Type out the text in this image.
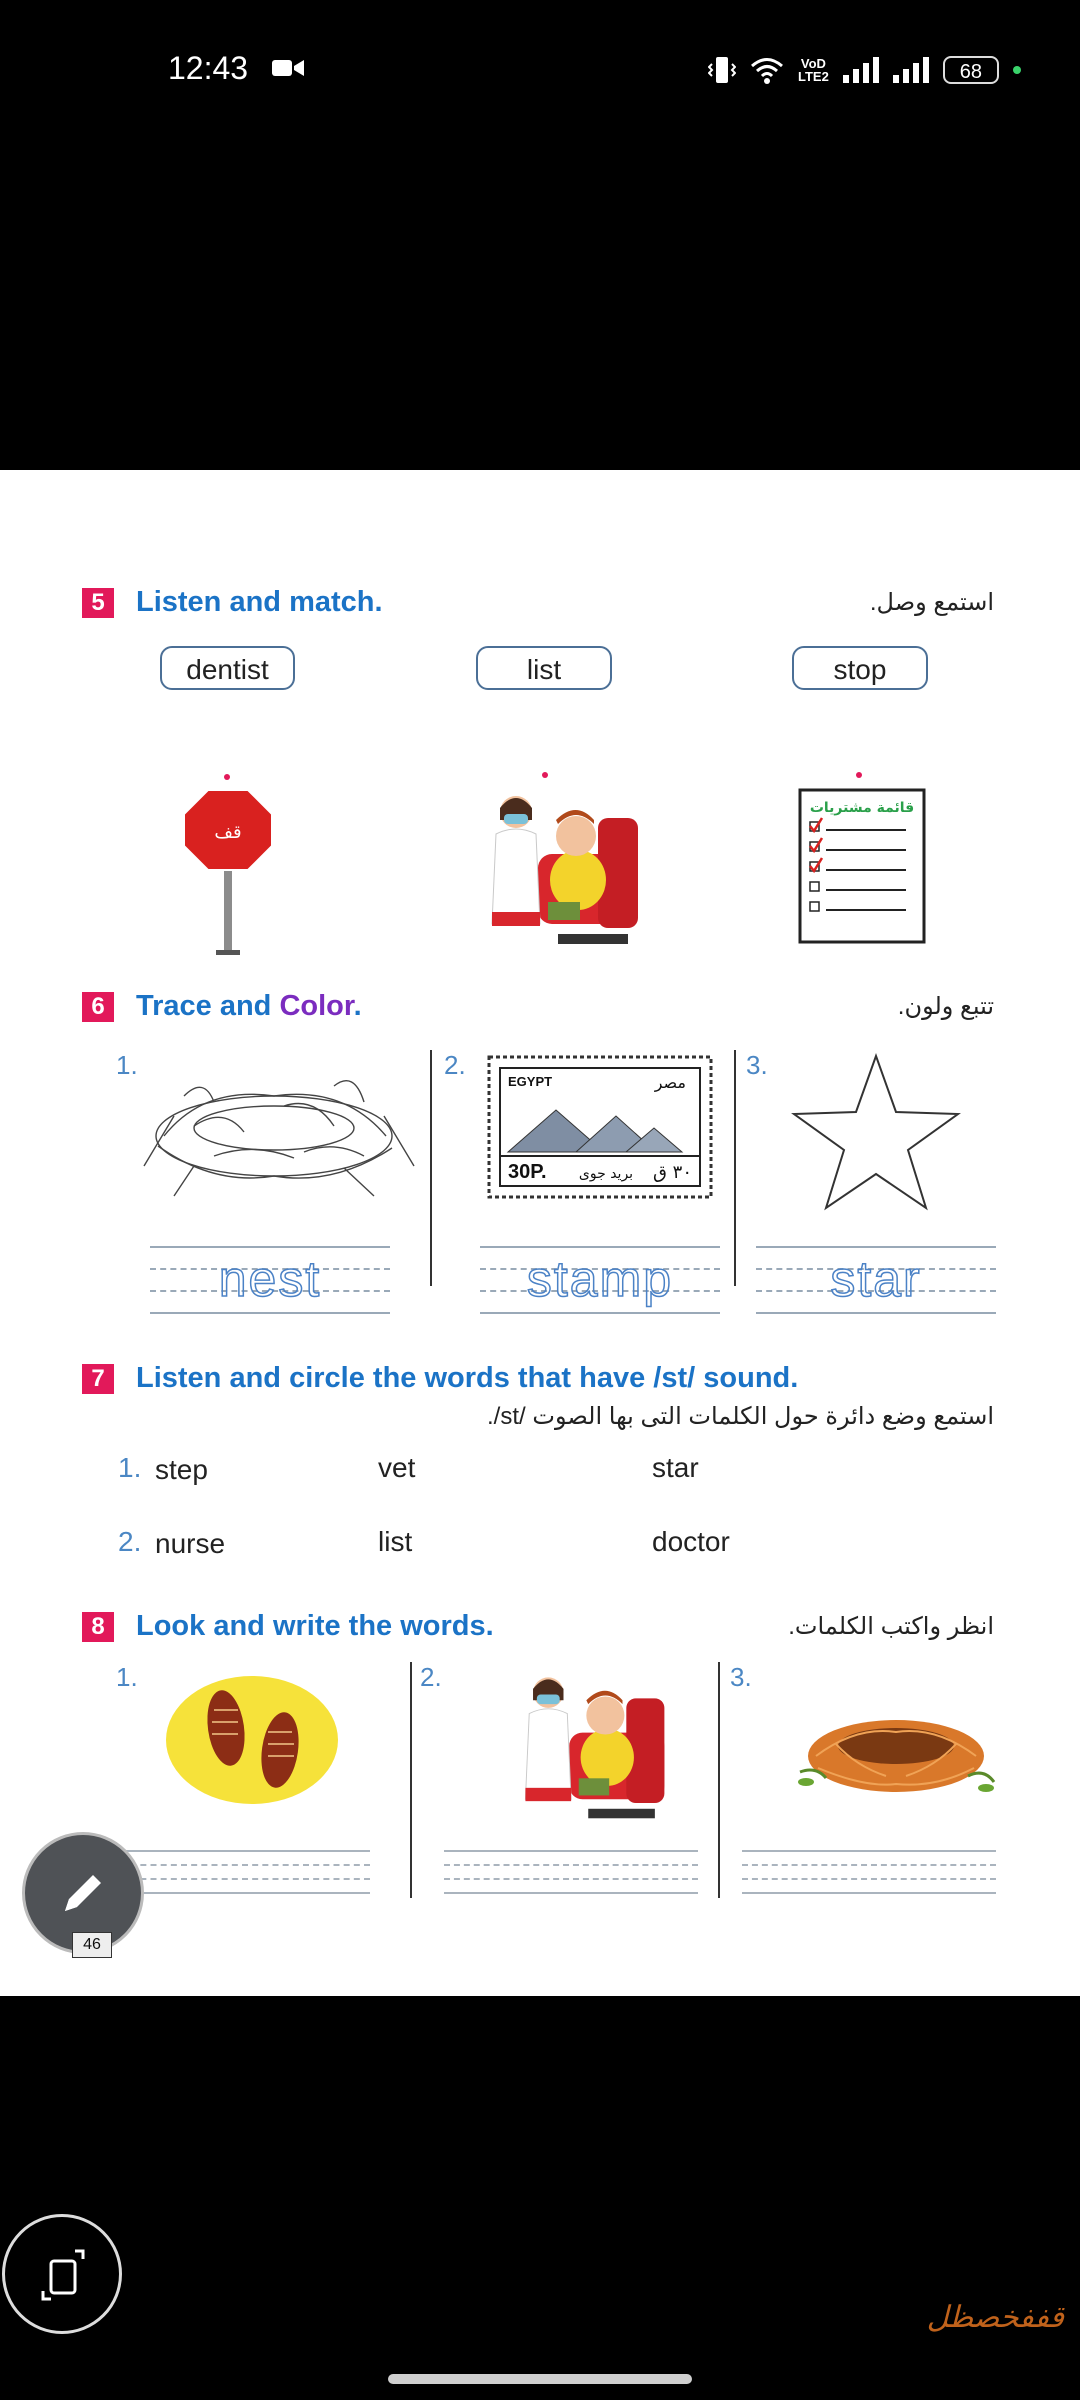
12:43	VoD
LTE2	68
5	Listen and match.	استمع وصل.
dentist	list	stop
قف
قائمة مشتريات
6	Trace and Color.	تتبع ولون.
1.	2.	3.
EGYPT	مصر
30P. بريد جوى ٣٠ ق
nest	stamp	star
7	Listen and circle the words that have /st/ sound.
استمع وضع دائرة حول الكلمات التى بها الصوت /st/.
1. step	vet	star
2. nurse	list	doctor
8	Look and write the words.	انظر واكتب الكلمات.
1.	2.	3.
46
قففخصظل
